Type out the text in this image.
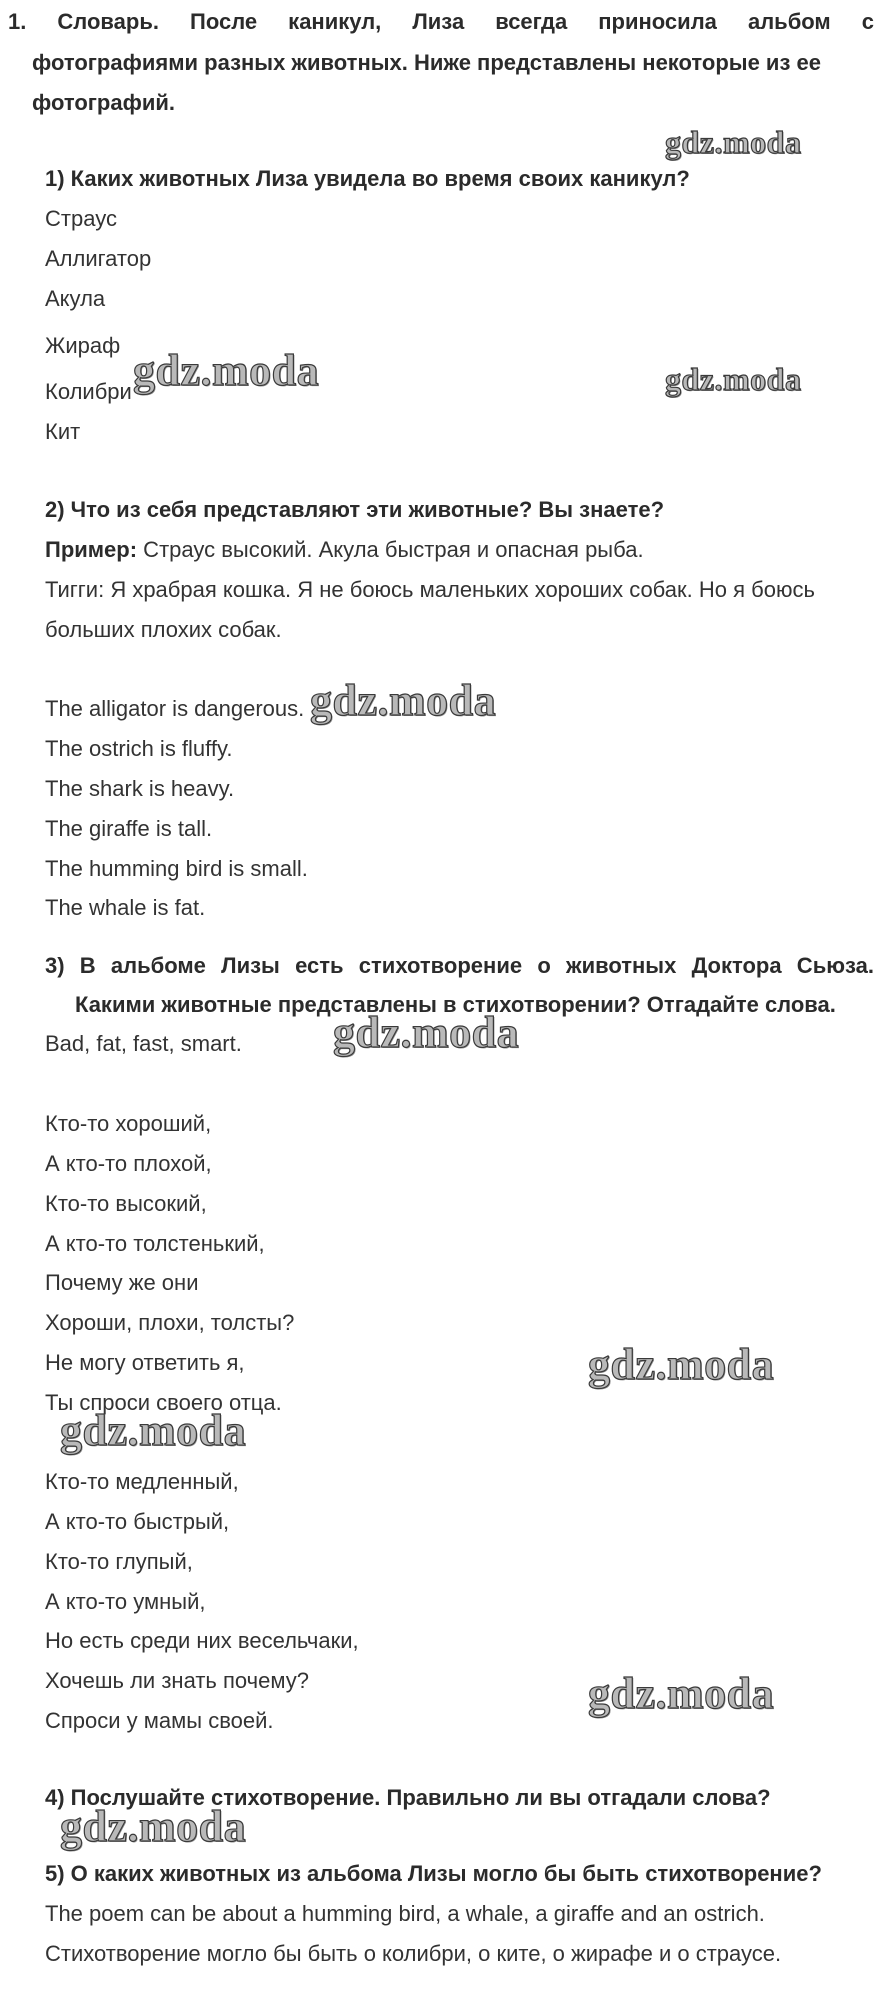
1. Словарь. После каникул, Лиза всегда приносила альбом с
фотографиями разных животных. Ниже представлены некоторые из ее
фотографий.
1) Каких животных Лиза увидела во время своих каникул?
Страус
Аллигатор
Акула
Жираф
Колибри
Кит
2) Что из себя представляют эти животные? Вы знаете?
Пример: Страус высокий. Акула быстрая и опасная рыба.
Тигги: Я храбрая кошка. Я не боюсь маленьких хороших собак. Но я боюсь
больших плохих собак.
The alligator is dangerous.
The ostrich is fluffy.
The shark is heavy.
The giraffe is tall.
The humming bird is small.
The whale is fat.
3) В альбоме Лизы есть стихотворение о животных Доктора Сьюза.
Какими животные представлены в стихотворении? Отгадайте слова.
Bad, fat, fast, smart.
Кто-то хороший,
А кто-то плохой,
Кто-то высокий,
А кто-то толстенький,
Почему же они
Хороши, плохи, толсты?
Не могу ответить я,
Ты спроси своего отца.
Кто-то медленный,
А кто-то быстрый,
Кто-то глупый,
А кто-то умный,
Но есть среди них весельчаки,
Хочешь ли знать почему?
Спроси у мамы своей.
4) Послушайте стихотворение. Правильно ли вы отгадали слова?
5) О каких животных из альбома Лизы могло бы быть стихотворение?
The poem can be about a humming bird, a whale, a giraffe and an ostrich.
Стихотворение могло бы быть о колибри, о ките, о жирафе и о страусе.
gdz.moda
gdz.moda	gdz.moda
gdz.moda
gdz.moda
gdz.moda
gdz.moda
gdz.moda
gdz.moda
